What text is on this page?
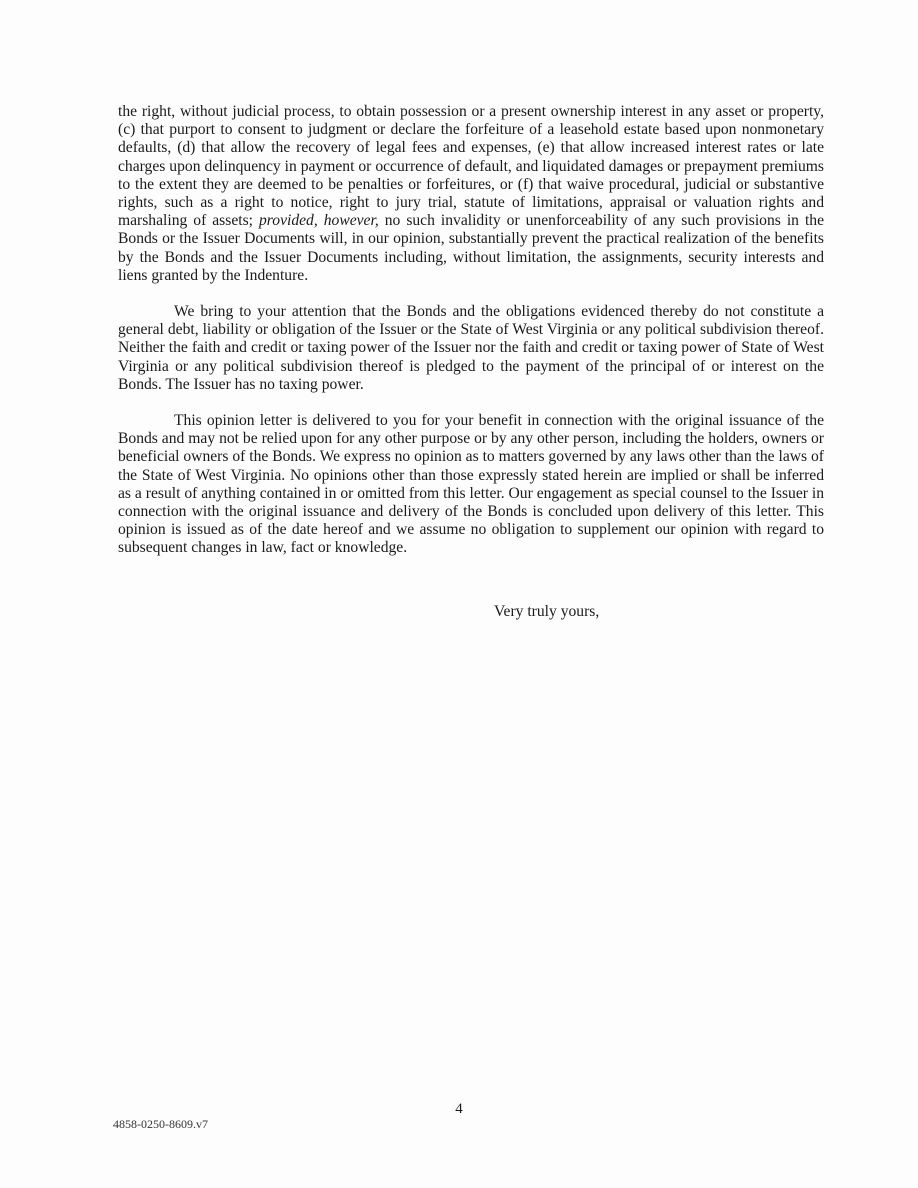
the right, without judicial process, to obtain possession or a present ownership interest in any asset or property, (c) that purport to consent to judgment or declare the forfeiture of a leasehold estate based upon nonmonetary defaults, (d) that allow the recovery of legal fees and expenses, (e) that allow increased interest rates or late charges upon delinquency in payment or occurrence of default, and liquidated damages or prepayment premiums to the extent they are deemed to be penalties or forfeitures, or (f) that waive procedural, judicial or substantive rights, such as a right to notice, right to jury trial, statute of limitations, appraisal or valuation rights and marshaling of assets; provided, however, no such invalidity or unenforceability of any such provisions in the Bonds or the Issuer Documents will, in our opinion, substantially prevent the practical realization of the benefits by the Bonds and the Issuer Documents including, without limitation, the assignments, security interests and liens granted by the Indenture.

We bring to your attention that the Bonds and the obligations evidenced thereby do not constitute a general debt, liability or obligation of the Issuer or the State of West Virginia or any political subdivision thereof. Neither the faith and credit or taxing power of the Issuer nor the faith and credit or taxing power of State of West Virginia or any political subdivision thereof is pledged to the payment of the principal of or interest on the Bonds. The Issuer has no taxing power.

This opinion letter is delivered to you for your benefit in connection with the original issuance of the Bonds and may not be relied upon for any other purpose or by any other person, including the holders, owners or beneficial owners of the Bonds. We express no opinion as to matters governed by any laws other than the laws of the State of West Virginia. No opinions other than those expressly stated herein are implied or shall be inferred as a result of anything contained in or omitted from this letter. Our engagement as special counsel to the Issuer in connection with the original issuance and delivery of the Bonds is concluded upon delivery of this letter. This opinion is issued as of the date hereof and we assume no obligation to supplement our opinion with regard to subsequent changes in law, fact or knowledge.

Very truly yours,
4
4858-0250-8609.v7
